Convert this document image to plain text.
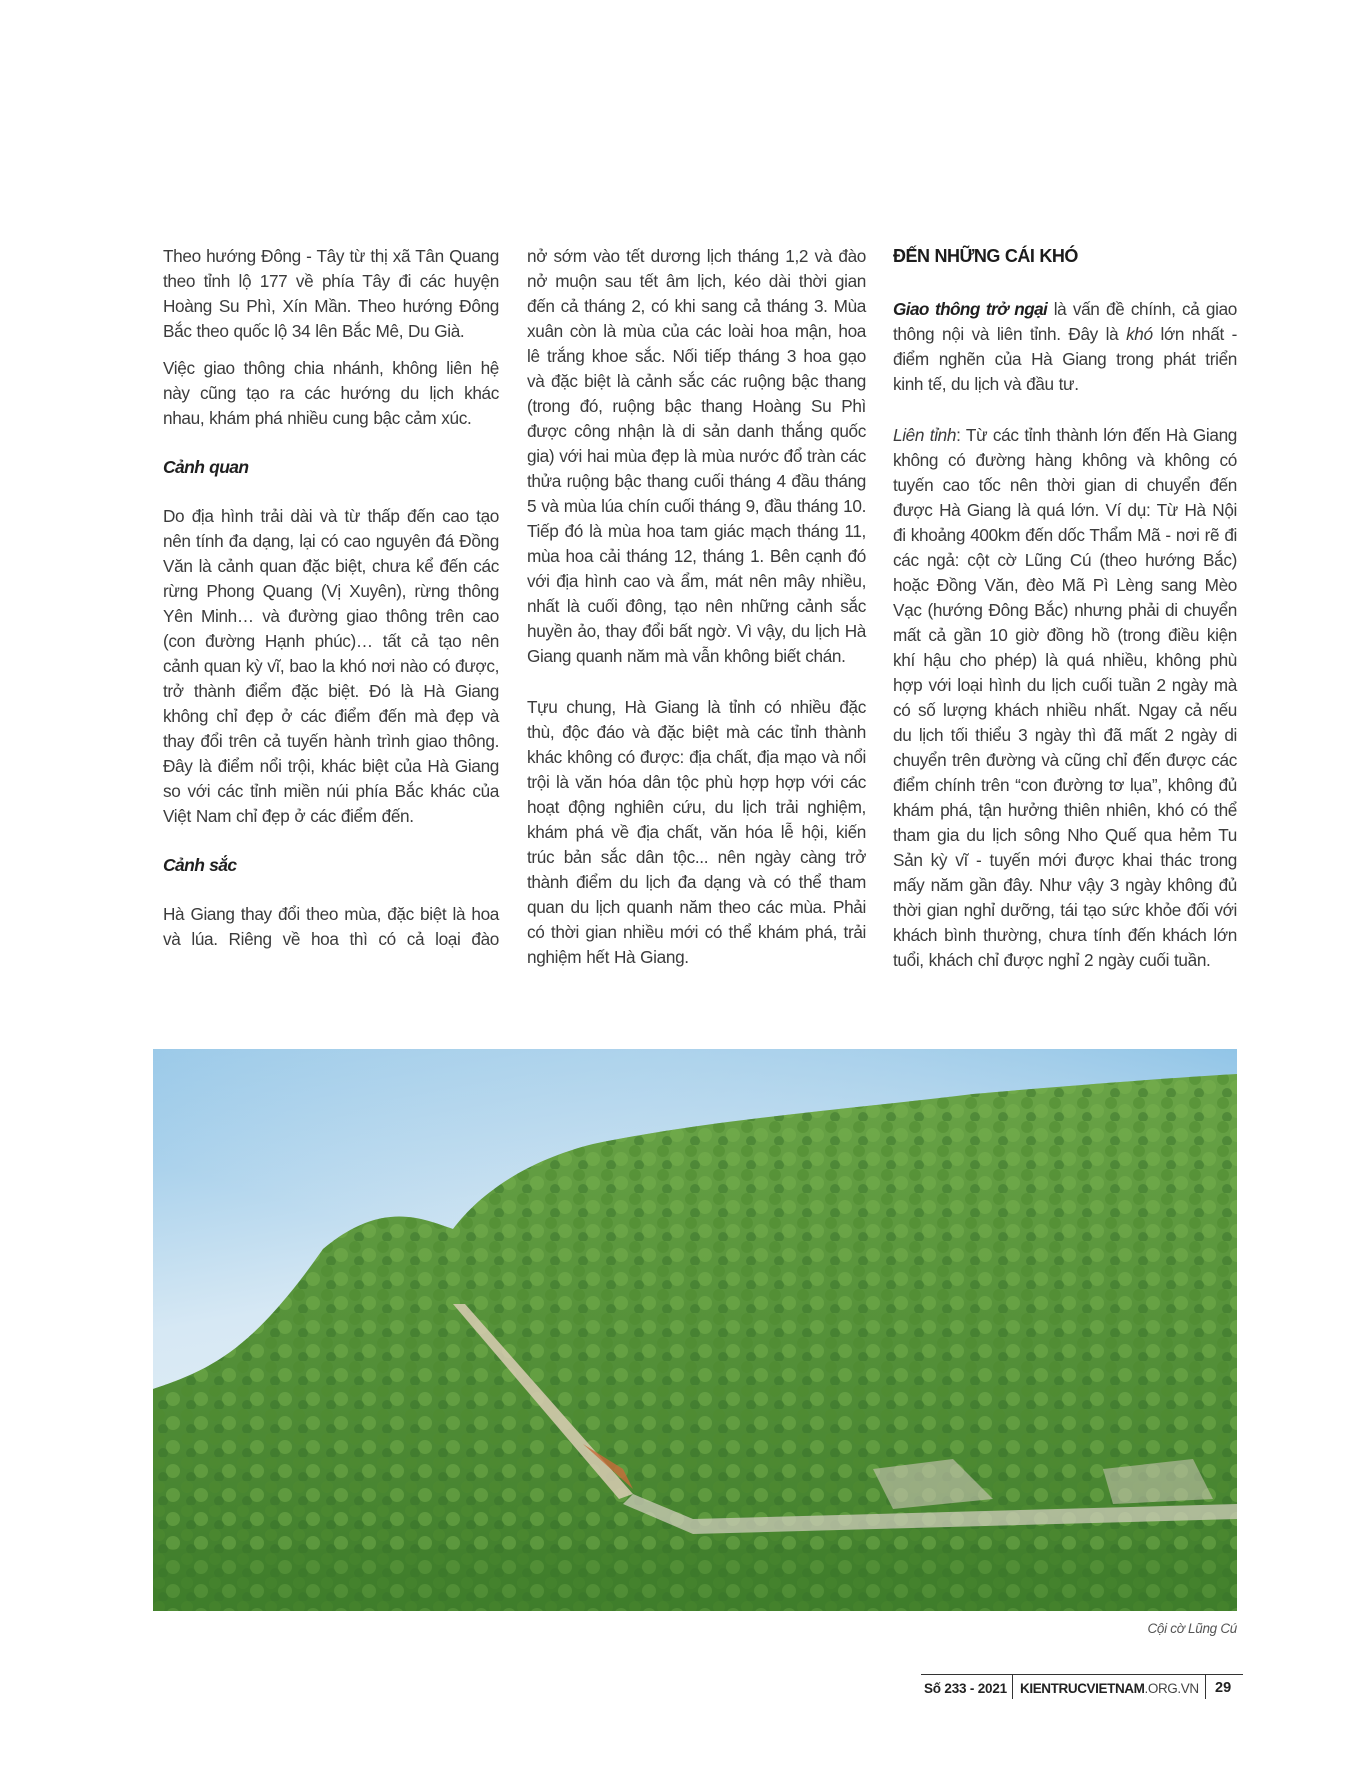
Theo hướng Đông - Tây từ thị xã Tân Quang theo tỉnh lộ 177 về phía Tây đi các huyện Hoàng Su Phì, Xín Mần. Theo hướng Đông Bắc theo quốc lộ 34 lên Bắc Mê, Du Già.

Việc giao thông chia nhánh, không liên hệ này cũng tạo ra các hướng du lịch khác nhau, khám phá nhiều cung bậc cảm xúc.

Cảnh quan

Do địa hình trải dài và từ thấp đến cao tạo nên tính đa dạng, lại có cao nguyên đá Đồng Văn là cảnh quan đặc biệt, chưa kể đến các rừng Phong Quang (Vị Xuyên), rừng thông Yên Minh… và đường giao thông trên cao (con đường Hạnh phúc)… tất cả tạo nên cảnh quan kỳ vĩ, bao la khó nơi nào có được, trở thành điểm đặc biệt. Đó là Hà Giang không chỉ đẹp ở các điểm đến mà đẹp và thay đổi trên cả tuyến hành trình giao thông. Đây là điểm nổi trội, khác biệt của Hà Giang so với các tỉnh miền núi phía Bắc khác của Việt Nam chỉ đẹp ở các điểm đến.

Cảnh sắc

Hà Giang thay đổi theo mùa, đặc biệt là hoa và lúa. Riêng về hoa thì có cả loại đào

nở sớm vào tết dương lịch tháng 1,2 và đào nở muộn sau tết âm lịch, kéo dài thời gian đến cả tháng 2, có khi sang cả tháng 3. Mùa xuân còn là mùa của các loài hoa mận, hoa lê trắng khoe sắc. Nối tiếp tháng 3 hoa gạo và đặc biệt là cảnh sắc các ruộng bậc thang (trong đó, ruộng bậc thang Hoàng Su Phì được công nhận là di sản danh thắng quốc gia) với hai mùa đẹp là mùa nước đổ tràn các thửa ruộng bậc thang cuối tháng 4 đầu tháng 5 và mùa lúa chín cuối tháng 9, đầu tháng 10. Tiếp đó là mùa hoa tam giác mạch tháng 11, mùa hoa cải tháng 12, tháng 1. Bên cạnh đó với địa hình cao và ẩm, mát nên mây nhiều, nhất là cuối đông, tạo nên những cảnh sắc huyền ảo, thay đổi bất ngờ. Vì vậy, du lịch Hà Giang quanh năm mà vẫn không biết chán.

Tựu chung, Hà Giang là tỉnh có nhiều đặc thù, độc đáo và đặc biệt mà các tỉnh thành khác không có được: địa chất, địa mạo và nổi trội là văn hóa dân tộc phù hợp hợp với các hoạt động nghiên cứu, du lịch trải nghiệm, khám phá về địa chất, văn hóa lễ hội, kiến trúc bản sắc dân tộc... nên ngày càng trở thành điểm du lịch đa dạng và có thể tham quan du lịch quanh năm theo các mùa. Phải có thời gian nhiều mới có thể khám phá, trải nghiệm hết Hà Giang.

ĐẾN NHỮNG CÁI KHÓ

Giao thông trở ngại là vấn đề chính, cả giao thông nội và liên tỉnh. Đây là khó lớn nhất - điểm nghẽn của Hà Giang trong phát triển kinh tế, du lịch và đầu tư.

Liên tỉnh: Từ các tỉnh thành lớn đến Hà Giang không có đường hàng không và không có tuyến cao tốc nên thời gian di chuyển đến được Hà Giang là quá lớn. Ví dụ: Từ Hà Nội đi khoảng 400km đến dốc Thẩm Mã - nơi rẽ đi các ngả: cột cờ Lũng Cú (theo hướng Bắc) hoặc Đồng Văn, đèo Mã Pì Lèng sang Mèo Vạc (hướng Đông Bắc) nhưng phải di chuyển mất cả gần 10 giờ đồng hồ (trong điều kiện khí hậu cho phép) là quá nhiều, không phù hợp với loại hình du lịch cuối tuần 2 ngày mà có số lượng khách nhiều nhất. Ngay cả nếu du lịch tối thiểu 3 ngày thì đã mất 2 ngày di chuyển trên đường và cũng chỉ đến được các điểm chính trên “con đường tơ lụa”, không đủ khám phá, tận hưởng thiên nhiên, khó có thể tham gia du lịch sông Nho Quế qua hẻm Tu Sản kỳ vĩ - tuyến mới được khai thác trong mấy năm gần đây. Như vậy 3 ngày không đủ thời gian nghỉ dưỡng, tái tạo sức khỏe đối với khách bình thường, chưa tính đến khách lớn tuổi, khách chỉ được nghỉ 2 ngày cuối tuần.

Cội cờ Lũng Cú
Số 233 - 2021 KIENTRUCVIETNAM.ORG.VN 29
